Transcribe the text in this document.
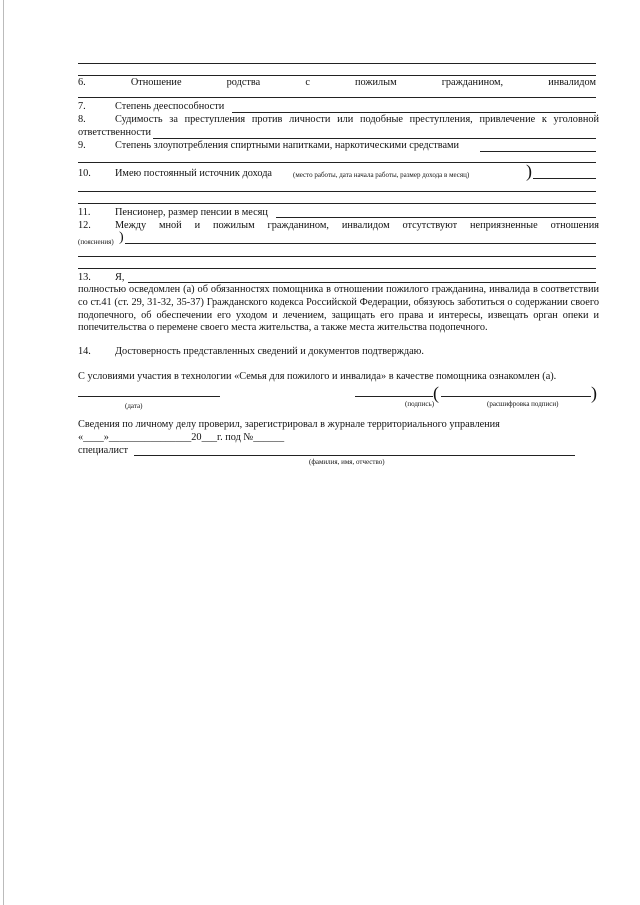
6.	Отношение	родства	с	пожилым	гражданином,	инвалидом
7.	Степень дееспособности
8.	Судимость за преступления против личности или подобные преступления, привлечение к уголовной
ответственности
9.	Степень злоупотребления спиртными напитками, наркотическими средствами
10. Имею постоянный источник дохода	(место работы, дата начала работы, размер дохода в месяц)	)
11. Пенсионер, размер пенсии в месяц
12. Между мной и пожилым гражданином, инвалидом отсутствуют неприязненные отношения
(пояснения) )
13. Я,
полностью осведомлен (а) об обязанностях помощника в отношении пожилого гражданина, инвалида в соответствии со ст.41 (ст. 29, 31-32, 35-37) Гражданского кодекса Российской Федерации, обязуюсь заботиться о содержании своего подопечного, об обеспечении его уходом и лечением, защищать его права и интересы, извещать орган опеки и попечительства о перемене своего места жительства, а также места жительства подопечного.
14. Достоверность представленных сведений и документов подтверждаю.
С условиями участия в технологии «Семья для пожилого и инвалида» в качестве помощника ознакомлен (а).
(	)
(дата)	(подпись)	(расшифровка подписи)
Сведения по личному делу проверил, зарегистрировал в журнале территориального управления
«____»________________20___г. под №______
специалист
(фамилия, имя, отчество)
